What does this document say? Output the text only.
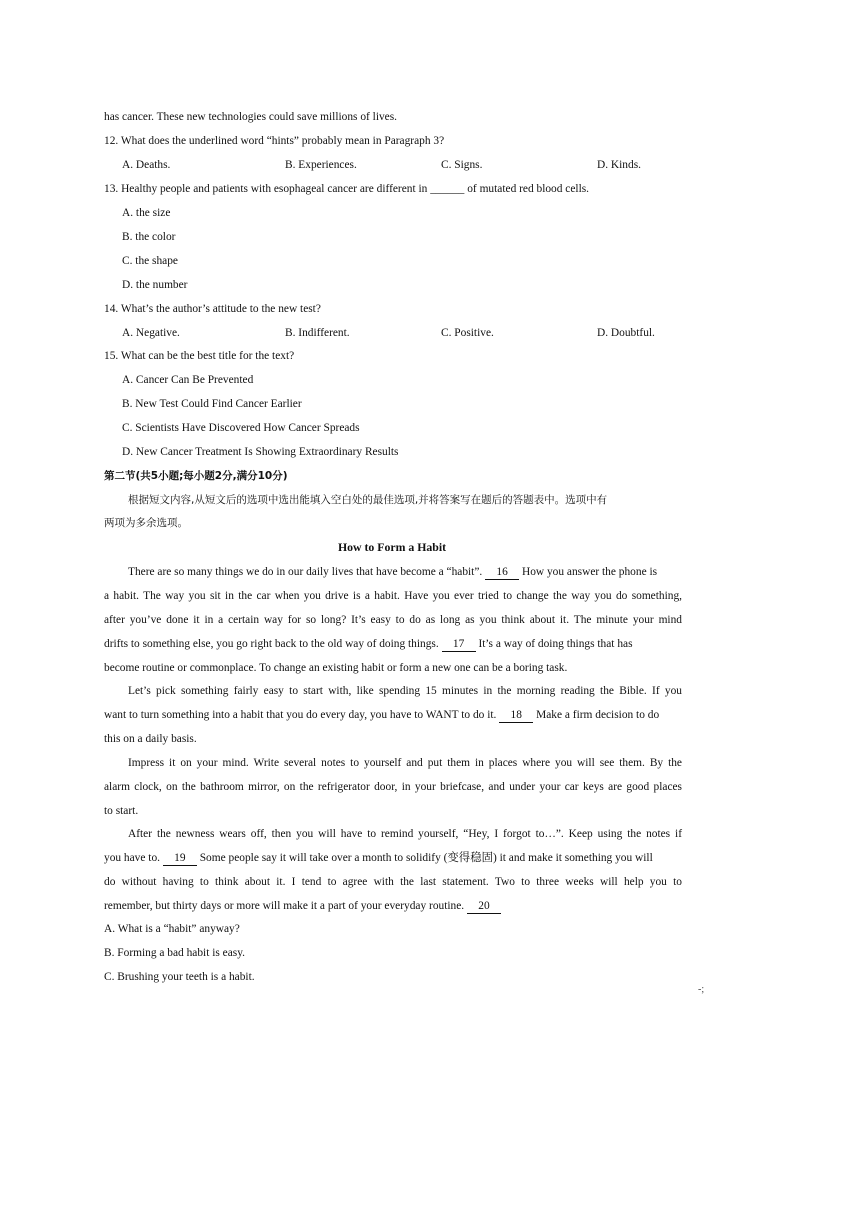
has cancer. These new technologies could save millions of lives.
12. What does the underlined word “hints” probably mean in Paragraph 3?
A. Deaths.	B. Experiences.	C. Signs.	D. Kinds.
13. Healthy people and patients with esophageal cancer are different in ______ of mutated red blood cells.
A. the size
B. the color
C. the shape
D. the number
14. What’s the author’s attitude to the new test?
A. Negative.	B. Indifferent.	C. Positive.	D. Doubtful.
15. What can be the best title for the text?
A. Cancer Can Be Prevented
B. New Test Could Find Cancer Earlier
C. Scientists Have Discovered How Cancer Spreads
D. New Cancer Treatment Is Showing Extraordinary Results
第二节(共5小题;每小题2分,满分10分)
根据短文内容,从短文后的选项中选出能填入空白处的最佳选项,并将答案写在题后的答题表中。选项中有
两项为多余选项。
How to Form a Habit
There are so many things we do in our daily lives that have become a “habit”. 16 How you answer the phone is
a habit. The way you sit in the car when you drive is a habit. Have you ever tried to change the way you do something,
after you’ve done it in a certain way for so long? It’s easy to do as long as you think about it. The minute your mind
drifts to something else, you go right back to the old way of doing things. 17 It’s a way of doing things that has
become routine or commonplace. To change an existing habit or form a new one can be a boring task.
Let’s pick something fairly easy to start with, like spending 15 minutes in the morning reading the Bible. If you
want to turn something into a habit that you do every day, you have to WANT to do it. 18 Make a firm decision to do
this on a daily basis.
Impress it on your mind. Write several notes to yourself and put them in places where you will see them. By the
alarm clock, on the bathroom mirror, on the refrigerator door, in your briefcase, and under your car keys are good places
to start.
After the newness wears off, then you will have to remind yourself, “Hey, I forgot to…”. Keep using the notes if
you have to. 19 Some people say it will take over a month to solidify (变得稳固) it and make it something you will
do without having to think about it. I tend to agree with the last statement. Two to three weeks will help you to
remember, but thirty days or more will make it a part of your everyday routine. 20
A. What is a “habit” anyway?
B. Forming a bad habit is easy.
C. Brushing your teeth is a habit.
-;
